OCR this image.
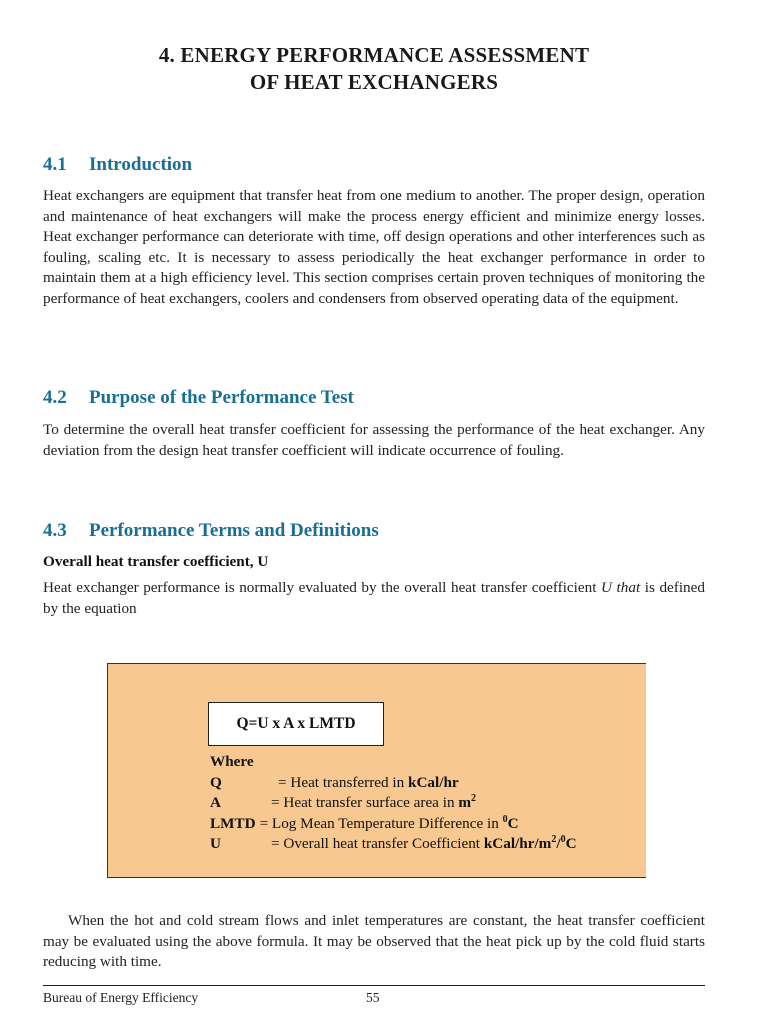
4. ENERGY PERFORMANCE ASSESSMENT
OF HEAT EXCHANGERS
4.1 Introduction
Heat exchangers are equipment that transfer heat from one medium to another. The proper design, operation and maintenance of heat exchangers will make the process energy efficient and minimize energy losses. Heat exchanger performance can deteriorate with time, off design operations and other interferences such as fouling, scaling etc. It is necessary to assess periodically the heat exchanger performance in order to maintain them at a high efficiency level. This section comprises certain proven techniques of monitoring the performance of heat exchangers, coolers and condensers from observed operating data of the equipment.
4.2 Purpose of the Performance Test
To determine the overall heat transfer coefficient for assessing the performance of the heat exchanger. Any deviation from the design heat transfer coefficient will indicate occurrence of fouling.
4.3 Performance Terms and Definitions
Overall heat transfer coefficient, U
Heat exchanger performance is normally evaluated by the overall heat transfer coefficient U that is defined by the equation
Q=U x A x LMTD
Where
Q	= Heat transferred in kCal/hr
A	= Heat transfer surface area in $m^2$
LMTD = Log Mean Temperature Difference in $^0$C
U	= Overall heat transfer Coefficient kCal/$hr/m^2/^0C$
When the hot and cold stream flows and inlet temperatures are constant, the heat transfer coefficient may be evaluated using the above formula. It may be observed that the heat pick up by the cold fluid starts reducing with time.
Bureau of Energy Efficiency	55
